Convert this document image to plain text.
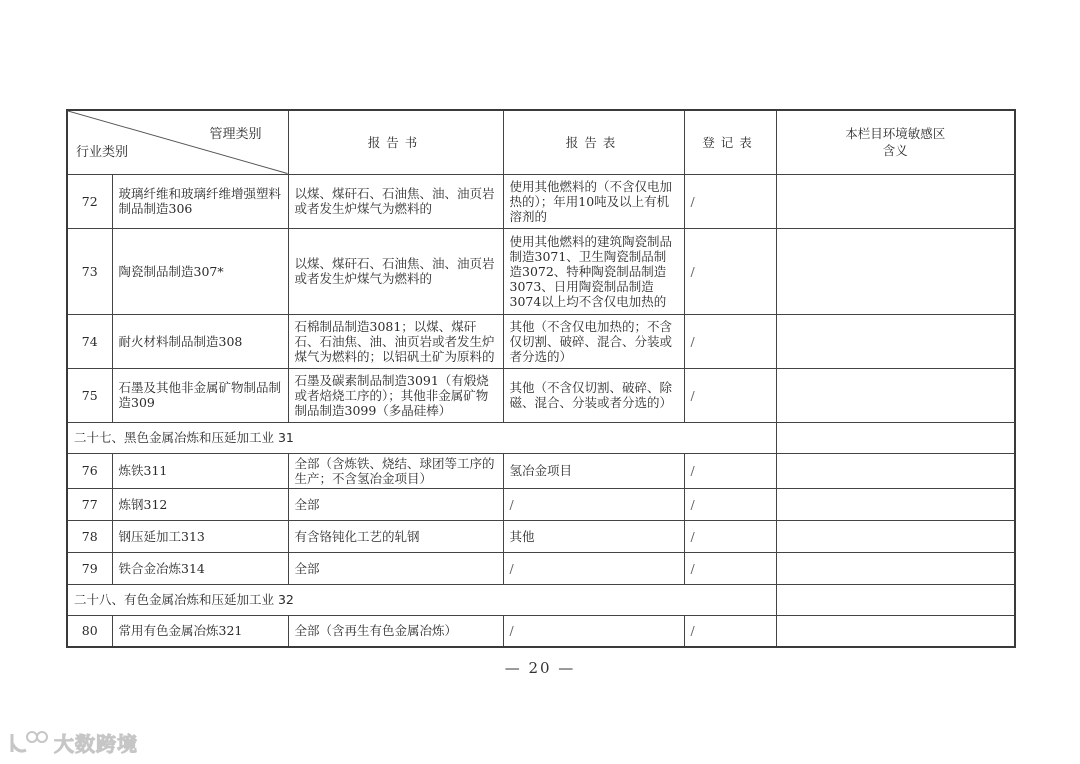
管理类别
行业类别
	报告书	报告表	登记表	
本栏目环境敏感区
含义

72	玻璃纤维和玻璃纤维增强塑料制品制造306	以煤、煤矸石、石油焦、油、油页岩或者发生炉煤气为燃料的	使用其他燃料的（不含仅电加热的）；年用10吨及以上有机溶剂的	/	
73	陶瓷制品制造307*	以煤、煤矸石、石油焦、油、油页岩或者发生炉煤气为燃料的	使用其他燃料的建筑陶瓷制品制造3071、卫生陶瓷制品制造3072、特种陶瓷制品制造3073、日用陶瓷制品制造3074以上均不含仅电加热的	/	
74	耐火材料制品制造308	石棉制品制造3081；以煤、煤矸石、石油焦、油、油页岩或者发生炉煤气为燃料的；以铝矾土矿为原料的	其他（不含仅电加热的；不含仅切割、破碎、混合、分装或者分选的）	/	
75	石墨及其他非金属矿物制品制造309	石墨及碳素制品制造3091（有煅烧或者焙烧工序的）；其他非金属矿物制品制造3099（多晶硅棒）	其他（不含仅切割、破碎、除磁、混合、分装或者分选的）	/	
二十七、黑色金属冶炼和压延加工业 31					
76	炼铁311	全部（含炼铁、烧结、球团等工序的生产；不含氢冶金项目）	氢冶金项目	/	
77	炼钢312	全部	/	/	
78	钢压延加工313	有含铬钝化工艺的轧钢	其他	/	
79	铁合金冶炼314	全部	/	/	
二十八、有色金属冶炼和压延加工业 32					
80	常用有色金属冶炼321	全部（含再生有色金属冶炼）	/	/	
— 20 —
大数跨境
